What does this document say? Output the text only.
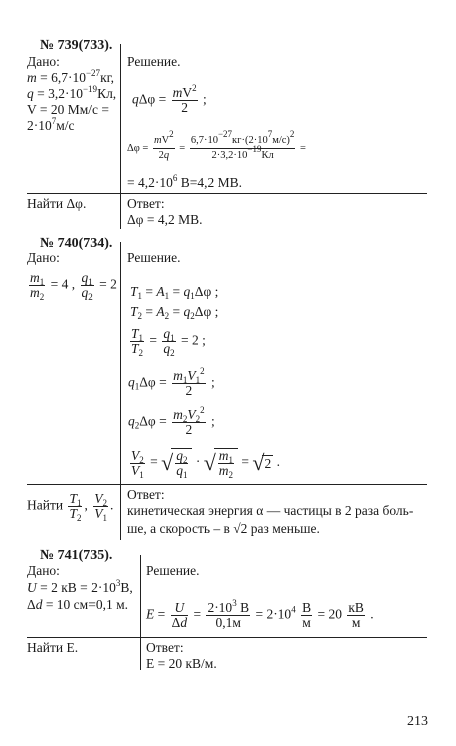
№ 739(733).
Дано:
$m = 6,7\cdot 10^{-27}кг$,
$q = 3,2\cdot 10^{-19}Кл$,
V = 20 Мм/с =
$2\cdot 10^7м/с$
Решение.
$q\Delta\varphi = \frac{mV^2}{2}$ ;
$\Delta\varphi = \frac{mV^2}{2q} = \frac{6,7\cdot 10^{-27}кг\cdot(2\cdot 10^7м/с)^2}{2\cdot 3,2\cdot 10^{-19}Кл}$ =
= $4,2\cdot 10^6$ В=4,2 МВ.
Найти Δφ.	Ответ:
Δφ = 4,2 МВ.
№ 740(734).
Дано:
$\frac{m_1}{m_2} = 4$ , $\frac{q_1}{q_2} = 2$
Решение.
$T_1 = A_1 = q_1\Delta\varphi$ ;
$T_2 = A_2 = q_2\Delta\varphi$ ;
$\frac{T_1}{T_2} = \frac{q_1}{q_2} = 2$ ;
$q_1\Delta\varphi = \frac{m_1V_1^2}{2}$ ;
$q_2\Delta\varphi = \frac{m_2V_2^2}{2}$ ;
$\frac{V_2}{V_1}$ = √ $\frac{q_2}{q_1}$ · √ $\frac{m_1}{m_2} = √2$ .
Найти $\frac{T_1}{T_2}$ , $\frac{V_2}{V_1}$ .
Ответ:
кинетическая энергия α — частицы в 2 раза боль-
ше, а скорость – в √2 раз меньше.
№ 741(735).
Дано:
U = 2 кВ = $2\cdot 10^3В$,
Δd = 10 см=0,1 м.
Решение.
$E = \frac{U}{\Delta d} = \frac{2\cdot 10^3 В}{0,1м} = 2\cdot 10^4 \frac{В}{м} = 20 \frac{кВ}{м}$ .
Найти E.	Ответ:
E = 20 кВ/м.
213
